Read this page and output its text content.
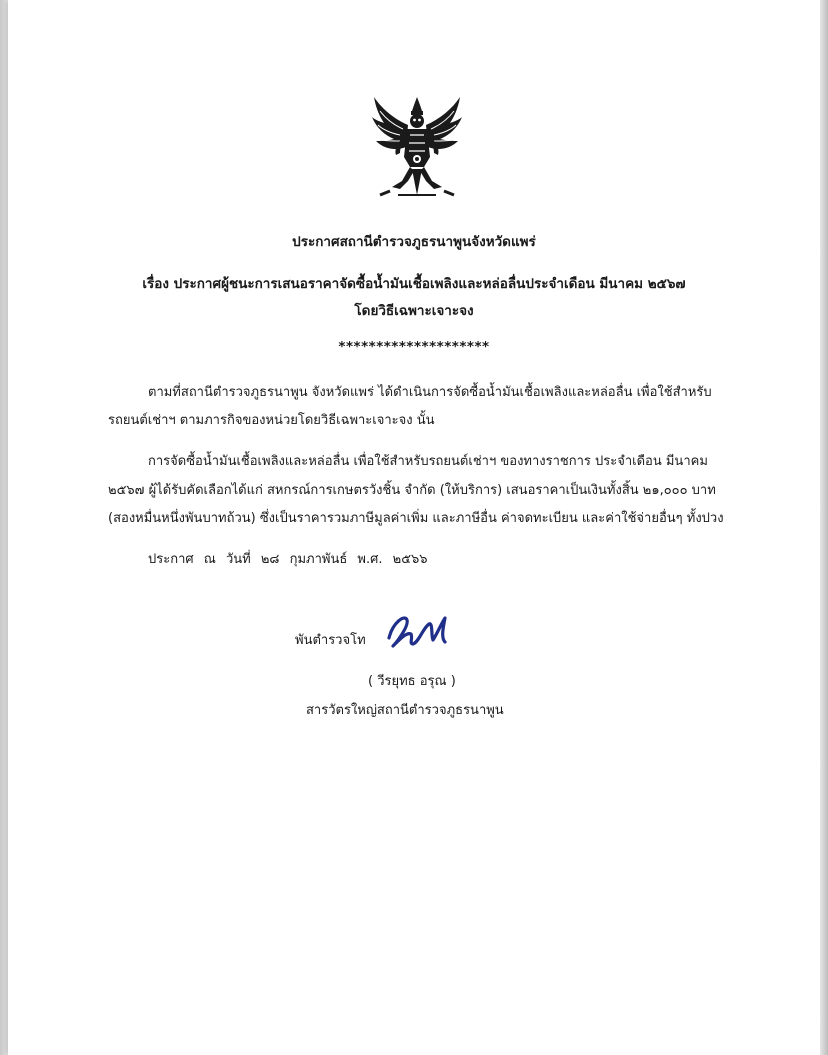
ประกาศสถานีตำรวจภูธรนาพูนจังหวัดแพร่
เรื่อง ประกาศผู้ชนะการเสนอราคาจัดซื้อน้ำมันเชื้อเพลิงและหล่อลื่นประจำเดือน มีนาคม ๒๕๖๗
โดยวิธีเฉพาะเจาะจง
********************
ตามที่สถานีตำรวจภูธรนาพูน จังหวัดแพร่ ได้ดำเนินการจัดซื้อน้ำมันเชื้อเพลิงและหล่อลื่น เพื่อใช้สำหรับ
รถยนต์เช่าฯ ตามภารกิจของหน่วยโดยวิธีเฉพาะเจาะจง นั้น
การจัดซื้อน้ำมันเชื้อเพลิงและหล่อลื่น เพื่อใช้สำหรับรถยนต์เช่าฯ ของทางราชการ ประจำเดือน มีนาคม
๒๕๖๗ ผู้ได้รับคัดเลือกได้แก่ สหกรณ์การเกษตรวังชิ้น จำกัด (ให้บริการ) เสนอราคาเป็นเงินทั้งสิ้น ๒๑,๐๐๐ บาท
(สองหมื่นหนึ่งพันบาทถ้วน) ซึ่งเป็นราคารวมภาษีมูลค่าเพิ่ม และภาษีอื่น ค่าจดทะเบียน และค่าใช้จ่ายอื่นๆ ทั้งปวง
ประกาศ ณ วันที่ ๒๘ กุมภาพันธ์ พ.ศ. ๒๕๖๖
พันตำรวจโท
( วีรยุทธ อรุณ )
สารวัตรใหญ่สถานีตำรวจภูธรนาพูน
